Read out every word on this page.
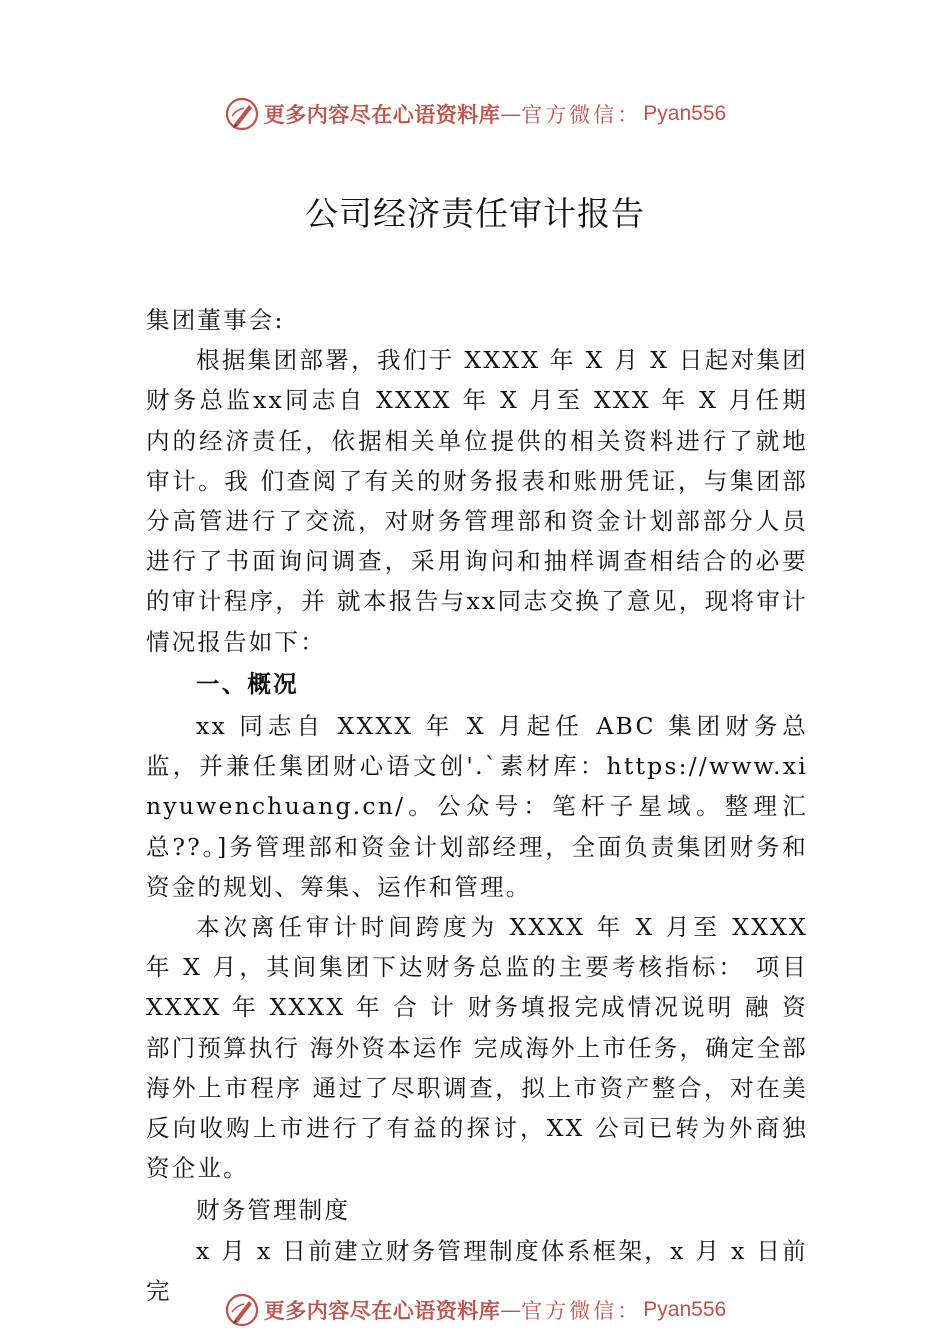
更多内容尽在心语资料库 — 官方微信： Pyan556
公司经济责任审计报告

集团董事会:

根据集团部署，我们于 XXXX 年 X 月 X 日起对集团财务总监xx同志自 XXXX 年 X 月至 XXX 年 X 月任期内的经济责任，依据相关单位提供的相关资料进行了就地审计。我 们查阅了有关的财务报表和账册凭证，与集团部分高管进行了交流，对财务管理部和资金计划部部分人员进行了书面询问调查，采用询问和抽样调查相结合的必要的审计程序，并 就本报告与xx同志交换了意见，现将审计情况报告如下：

一、概况

xx 同志自 XXXX 年 X 月起任 ABC 集团财务总监，并兼任集团财心语文创'.`素材库：https://www.xinyuwenchuang.cn/。公众号：笔杆子星域。整理汇总??。]务管理部和资金计划部经理，全面负责集团财务和资金的规划、筹集、运作和管理。

本次离任审计时间跨度为 XXXX 年 X 月至 XXXX 年 X 月，其间集团下达财务总监的主要考核指标： 项目 XXXX 年 XXXX 年 合 计 财务填报完成情况说明 融 资部门预算执行 海外资本运作 完成海外上市任务，确定全部海外上市程序 通过了尽职调查，拟上市资产整合，对在美反向收购上市进行了有益的探讨，XX 公司已转为外商独资企业。

财务管理制度

x 月 x 日前建立财务管理制度体系框架，x 月 x 日前完

更多内容尽在心语资料库 — 官方微信： Pyan556
